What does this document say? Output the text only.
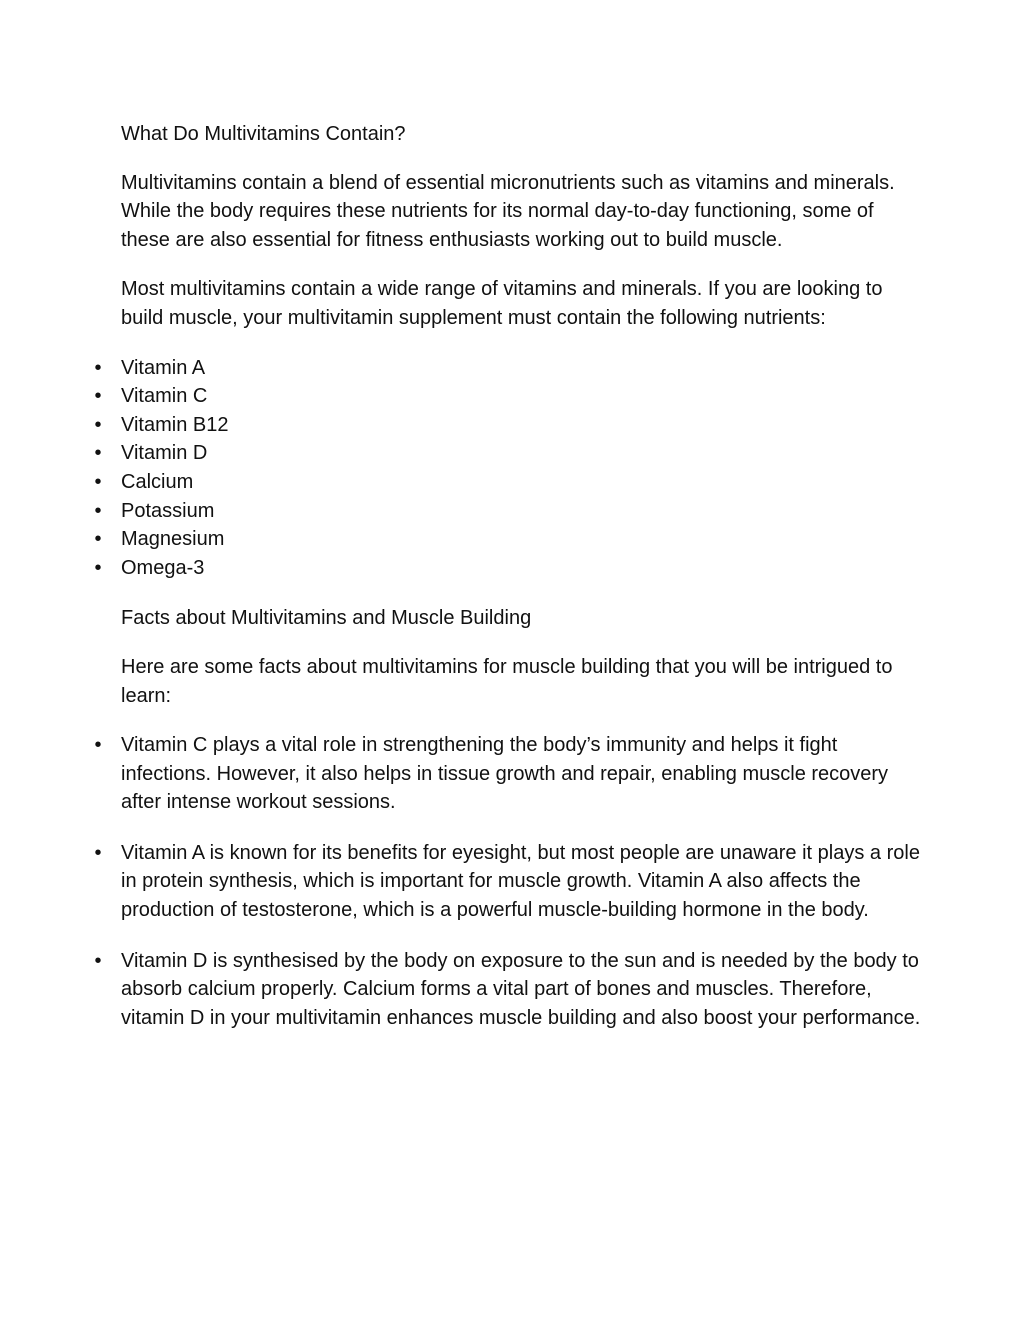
What Do Multivitamins Contain?

Multivitamins contain a blend of essential micronutrients such as vitamins and minerals. While the body requires these nutrients for its normal day-to-day functioning, some of these are also essential for fitness enthusiasts working out to build muscle.

Most multivitamins contain a wide range of vitamins and minerals. If you are looking to build muscle, your multivitamin supplement must contain the following nutrients:

• Vitamin A
• Vitamin C
• Vitamin B12
• Vitamin D
• Calcium
• Potassium
• Magnesium
• Omega-3

Facts about Multivitamins and Muscle Building

Here are some facts about multivitamins for muscle building that you will be intrigued to learn:

• Vitamin C plays a vital role in strengthening the body’s immunity and helps it fight infections. However, it also helps in tissue growth and repair, enabling muscle recovery after intense workout sessions.
• Vitamin A is known for its benefits for eyesight, but most people are unaware it plays a role in protein synthesis, which is important for muscle growth. Vitamin A also affects the production of testosterone, which is a powerful muscle-building hormone in the body.
• Vitamin D is synthesised by the body on exposure to the sun and is needed by the body to absorb calcium properly. Calcium forms a vital part of bones and muscles. Therefore, vitamin D in your multivitamin enhances muscle building and also boost your performance.
